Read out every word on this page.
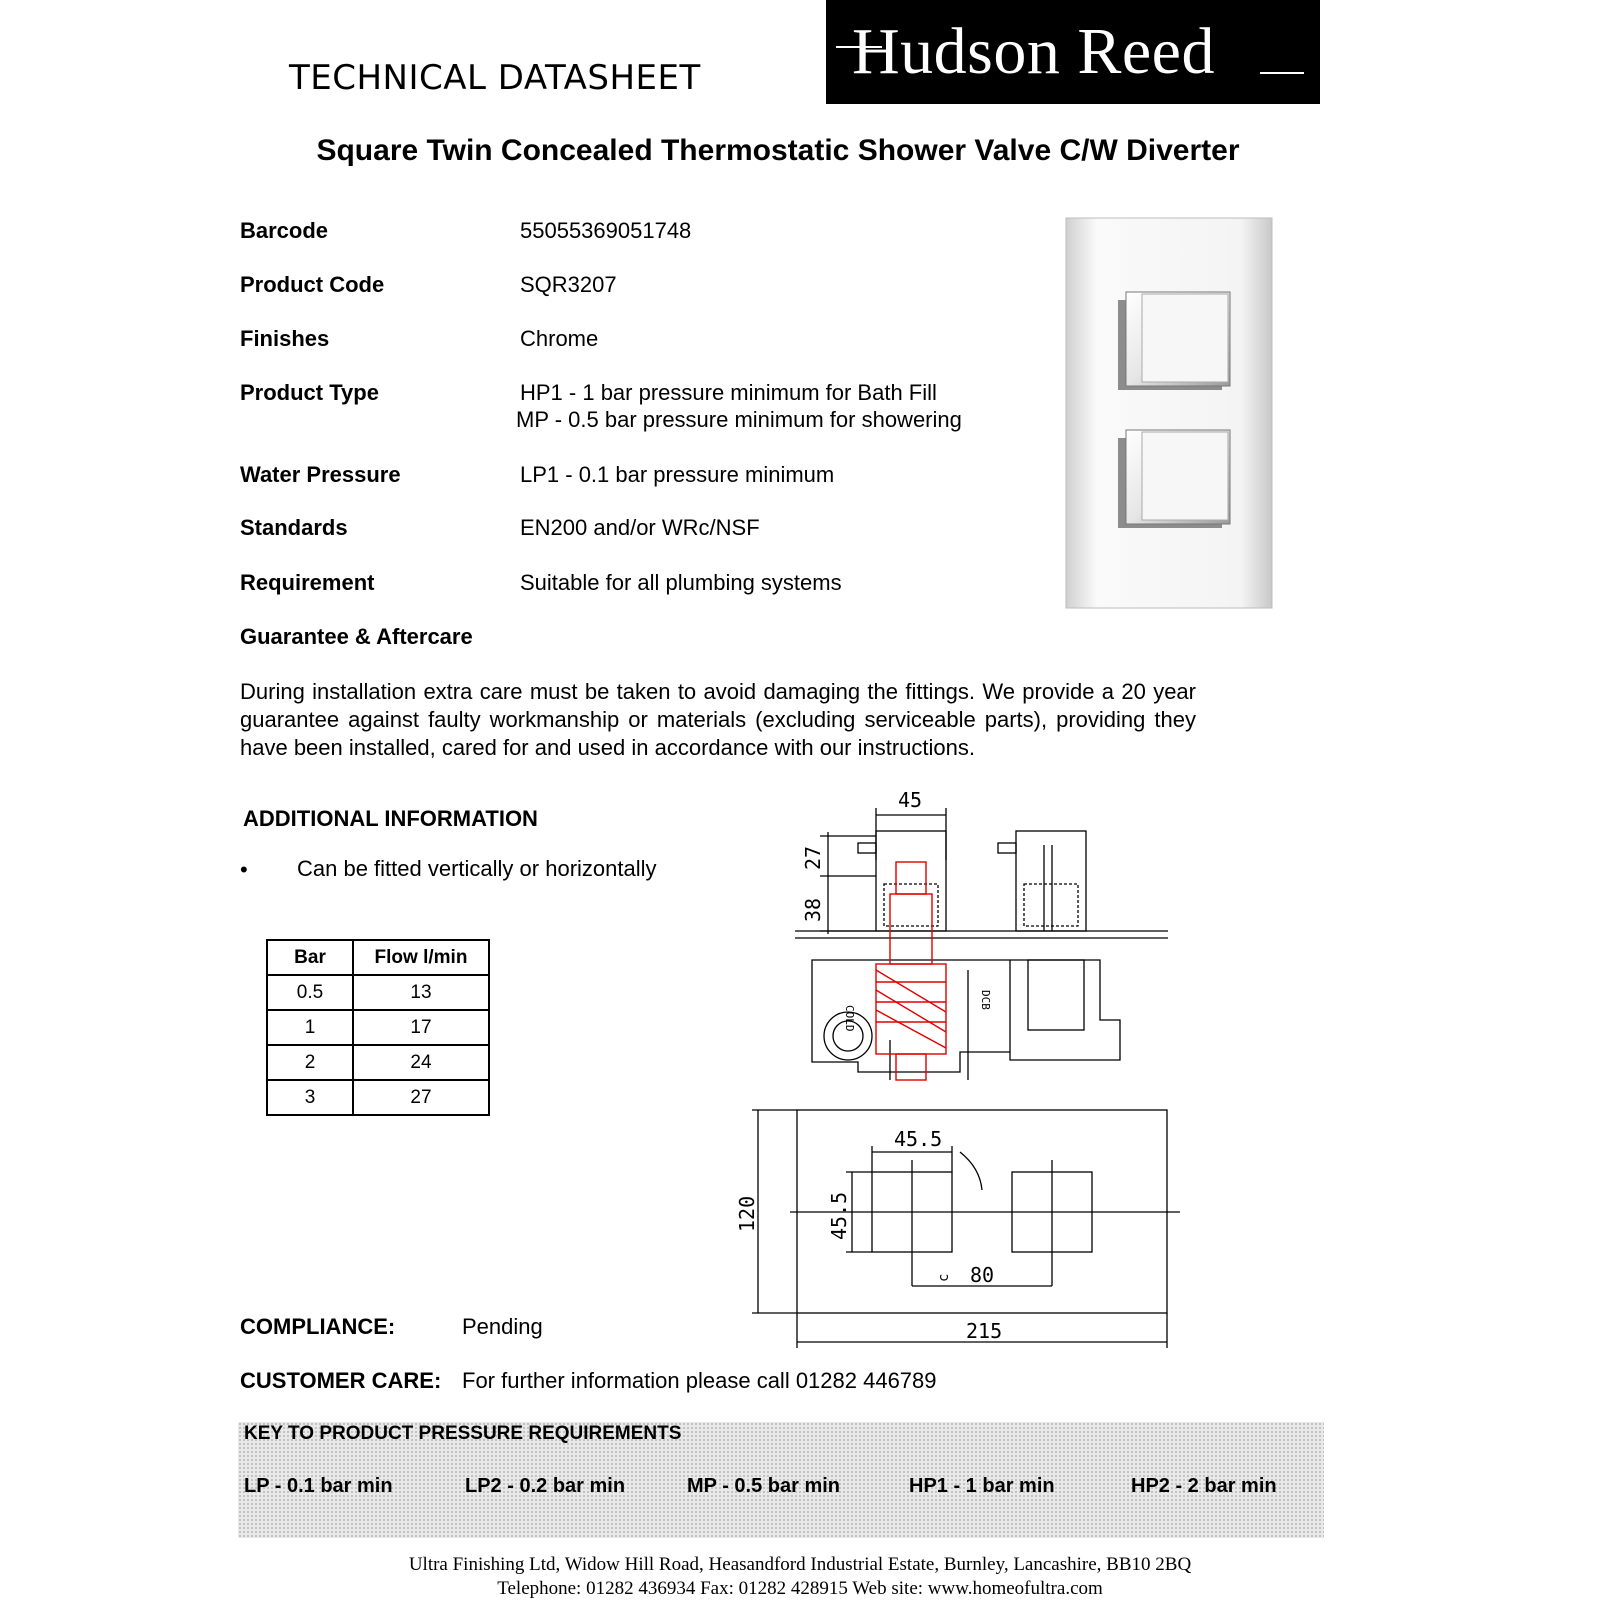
TECHNICAL DATASHEET Hudson Reed
Square Twin Concealed Thermostatic Shower Valve C/W Diverter
Barcode	55055369051748
Product Code	SQR3207
Finishes	Chrome
Product Type	HP1 - 1 bar pressure minimum for Bath Fill
MP - 0.5 bar pressure minimum for showering
Water Pressure	LP1 - 0.1 bar pressure minimum
Standards	EN200 and/or WRc/NSF
Requirement	Suitable for all plumbing systems
Guarantee & Aftercare
During installation extra care must be taken to avoid damaging the fittings. We provide a 20 year guarantee against faulty workmanship or materials (excluding serviceable parts), providing they have been installed, cared for and used in accordance with our instructions.
ADDITIONAL INFORMATION
• Can be fitted vertically or horizontally
Bar	Flow l/min
0.5	13
1	17
2	24
3	27
45
27
38
COLD
DCB
45.5
45.5
120
c 80
215
COMPLIANCE:	Pending
CUSTOMER CARE: For further information please call 01282 446789
KEY TO PRODUCT PRESSURE REQUIREMENTS
LP - 0.1 bar min	LP2 - 0.2 bar min	MP - 0.5 bar min	HP1 - 1 bar min	HP2 - 2 bar min
Ultra Finishing Ltd, Widow Hill Road, Heasandford Industrial Estate, Burnley, Lancashire, BB10 2BQ
Telephone: 01282 436934 Fax: 01282 428915 Web site: www.homeofultra.com
